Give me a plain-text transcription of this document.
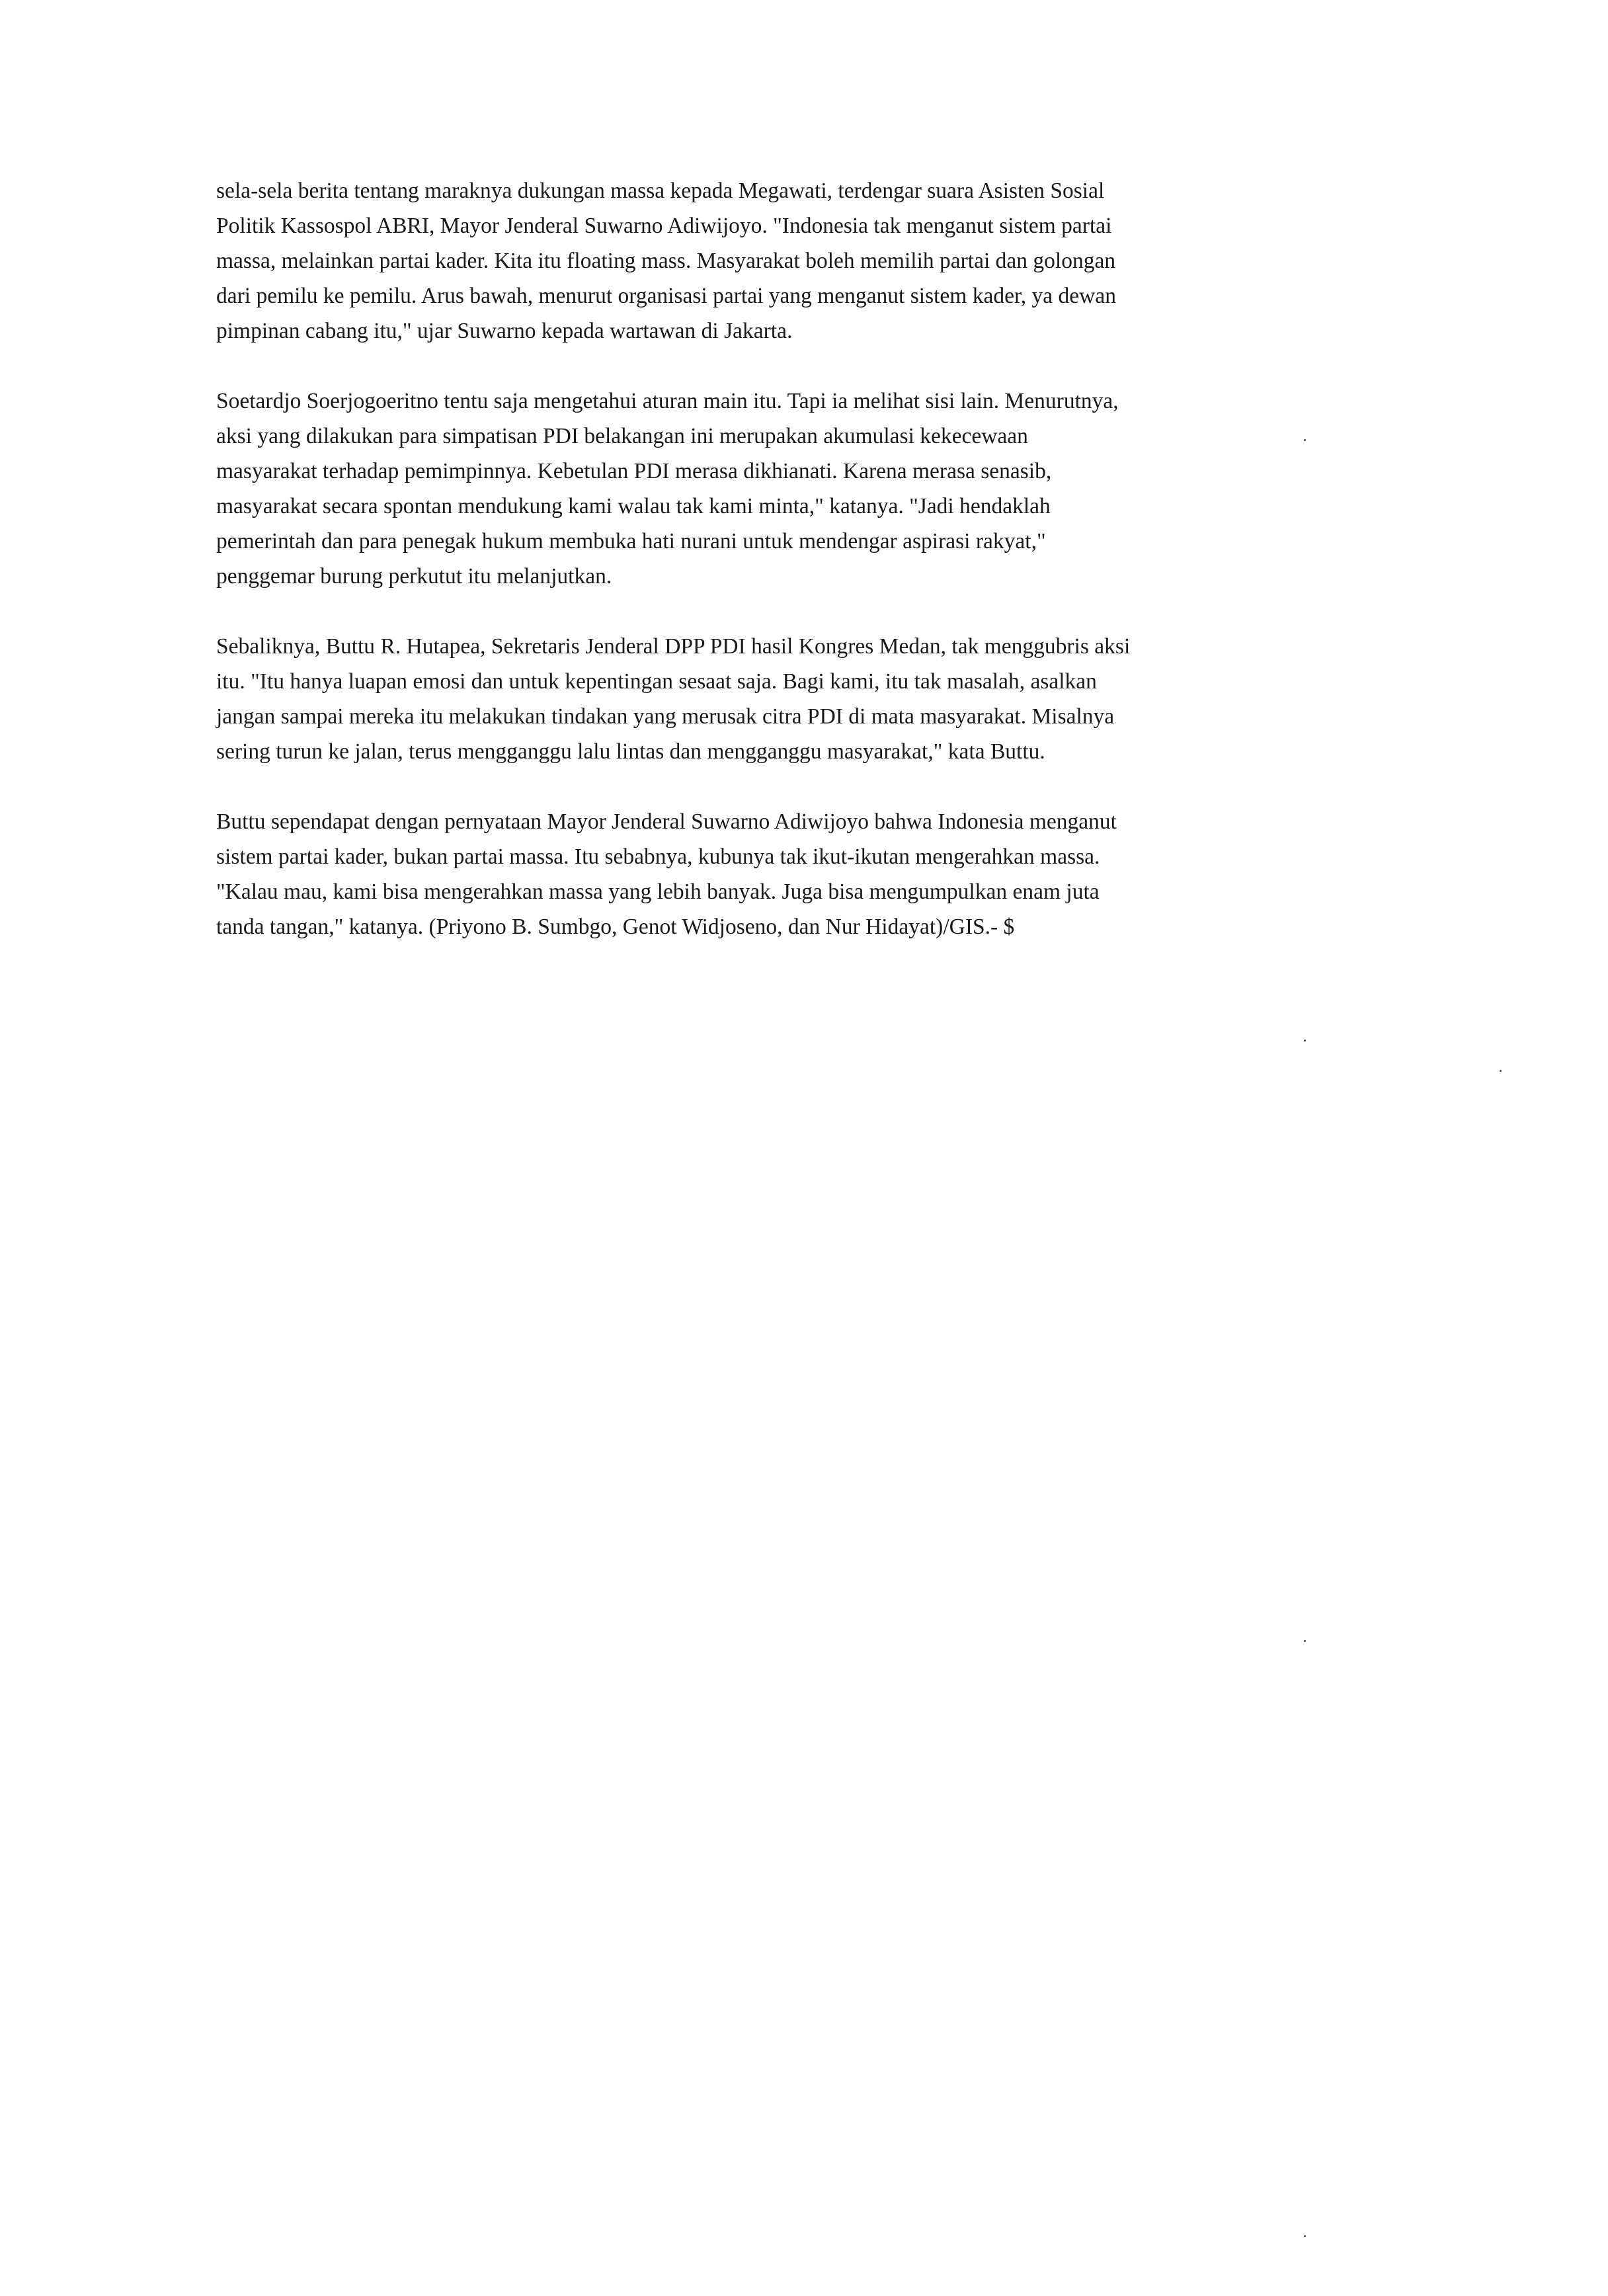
sela-sela berita tentang maraknya dukungan massa kepada Megawati, terdengar suara Asisten Sosial
Politik Kassospol ABRI, Mayor Jenderal Suwarno Adiwijoyo. "Indonesia tak menganut sistem partai
massa, melainkan partai kader. Kita itu floating mass. Masyarakat boleh memilih partai dan golongan
dari pemilu ke pemilu. Arus bawah, menurut organisasi partai yang menganut sistem kader, ya dewan
pimpinan cabang itu," ujar Suwarno kepada wartawan di Jakarta.

Soetardjo Soerjogoeritno tentu saja mengetahui aturan main itu. Tapi ia melihat sisi lain. Menurutnya,
aksi yang dilakukan para simpatisan PDI belakangan ini merupakan akumulasi kekecewaan
masyarakat terhadap pemimpinnya. Kebetulan PDI merasa dikhianati. Karena merasa senasib,
masyarakat secara spontan mendukung kami walau tak kami minta," katanya. "Jadi hendaklah
pemerintah dan para penegak hukum membuka hati nurani untuk mendengar aspirasi rakyat,"
penggemar burung perkutut itu melanjutkan.

Sebaliknya, Buttu R. Hutapea, Sekretaris Jenderal DPP PDI hasil Kongres Medan, tak menggubris aksi
itu. "Itu hanya luapan emosi dan untuk kepentingan sesaat saja. Bagi kami, itu tak masalah, asalkan
jangan sampai mereka itu melakukan tindakan yang merusak citra PDI di mata masyarakat. Misalnya
sering turun ke jalan, terus mengganggu lalu lintas dan mengganggu masyarakat," kata Buttu.

Buttu sependapat dengan pernyataan Mayor Jenderal Suwarno Adiwijoyo bahwa Indonesia menganut
sistem partai kader, bukan partai massa. Itu sebabnya, kubunya tak ikut-ikutan mengerahkan massa.
"Kalau mau, kami bisa mengerahkan massa yang lebih banyak. Juga bisa mengumpulkan enam juta
tanda tangan," katanya. (Priyono B. Sumbgo, Genot Widjoseno, dan Nur Hidayat)/GIS.- $
